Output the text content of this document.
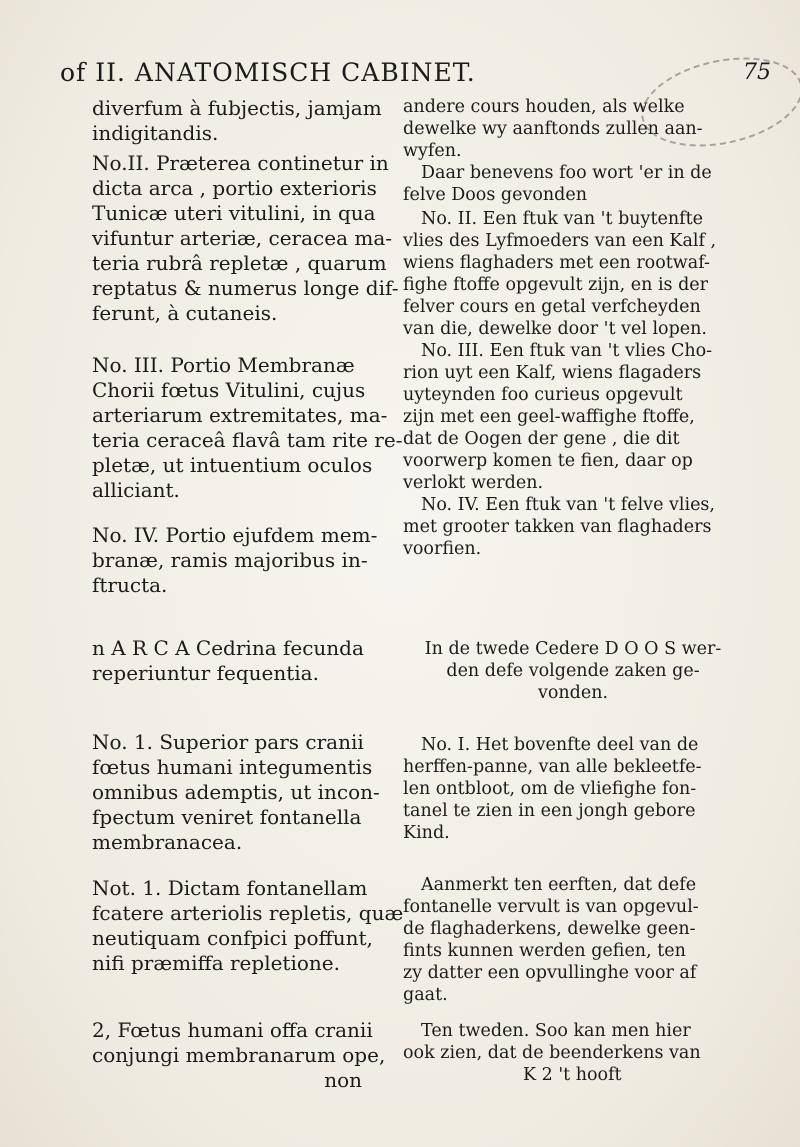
of II. ANATOMISCH CABINET.	75

diverfum à fubjectis, jamjam
indigitandis.

No.II. Præterea continetur in
dicta arca , portio exterioris
Tunicæ uteri vitulini, in qua
vifuntur arteriæ, ceracea ma-
teria rubrâ repletæ , quarum
reptatus & numerus longe dif-
ferunt, à cutaneis.

No. III. Portio Membranæ
Chorii fœtus Vitulini, cujus
arteriarum extremitates, ma-
teria ceraceâ flavâ tam rite re-
pletæ, ut intuentium oculos
alliciant.

No. IV. Portio ejufdem mem-
branæ, ramis majoribus in-
ftructa.

n A R C A Cedrina fecunda
reperiuntur fequentia.

No. 1. Superior pars cranii
fœtus humani integumentis
omnibus ademptis, ut incon-
fpectum veniret fontanella
membranacea.

Not. 1. Dictam fontanellam
fcatere arteriolis repletis, quæ
neutiquam confpici poffunt,
nifi præmiffa repletione.

2, Fœtus humani offa cranii
conjungi membranarum ope,
non

andere cours houden, als welke
dewelke wy aanftonds zullen aan-
wyfen.

Daar benevens foo wort 'er in de
felve Doos gevonden

No. II. Een ftuk van 't buytenfte
vlies des Lyfmoeders van een Kalf ,
wiens flaghaders met een rootwaf-
fighe ftoffe opgevult zijn, en is der
felver cours en getal verfcheyden
van die, dewelke door 't vel lopen.

No. III. Een ftuk van 't vlies Cho-
rion uyt een Kalf, wiens flagaders
uyteynden foo curieus opgevult
zijn met een geel-waffighe ftoffe,
dat de Oogen der gene , die dit
voorwerp komen te fien, daar op
verlokt werden.

No. IV. Een ftuk van 't felve vlies,
met grooter takken van flaghaders
voorfien.

In de twede Cedere D O O S wer-
den defe volgende zaken ge-
vonden.

No. I. Het bovenfte deel van de
herffen-panne, van alle bekleetfe-
len ontbloot, om de vliefighe fon-
tanel te zien in een jongh gebore
Kind.

Aanmerkt ten eerften, dat defe
fontanelle vervult is van opgevul-
de flaghaderkens, dewelke geen-
fints kunnen werden gefien, ten
zy datter een opvullinghe voor af
gaat.

Ten tweden. Soo kan men hier
ook zien, dat de beenderkens van
K 2 't hooft
